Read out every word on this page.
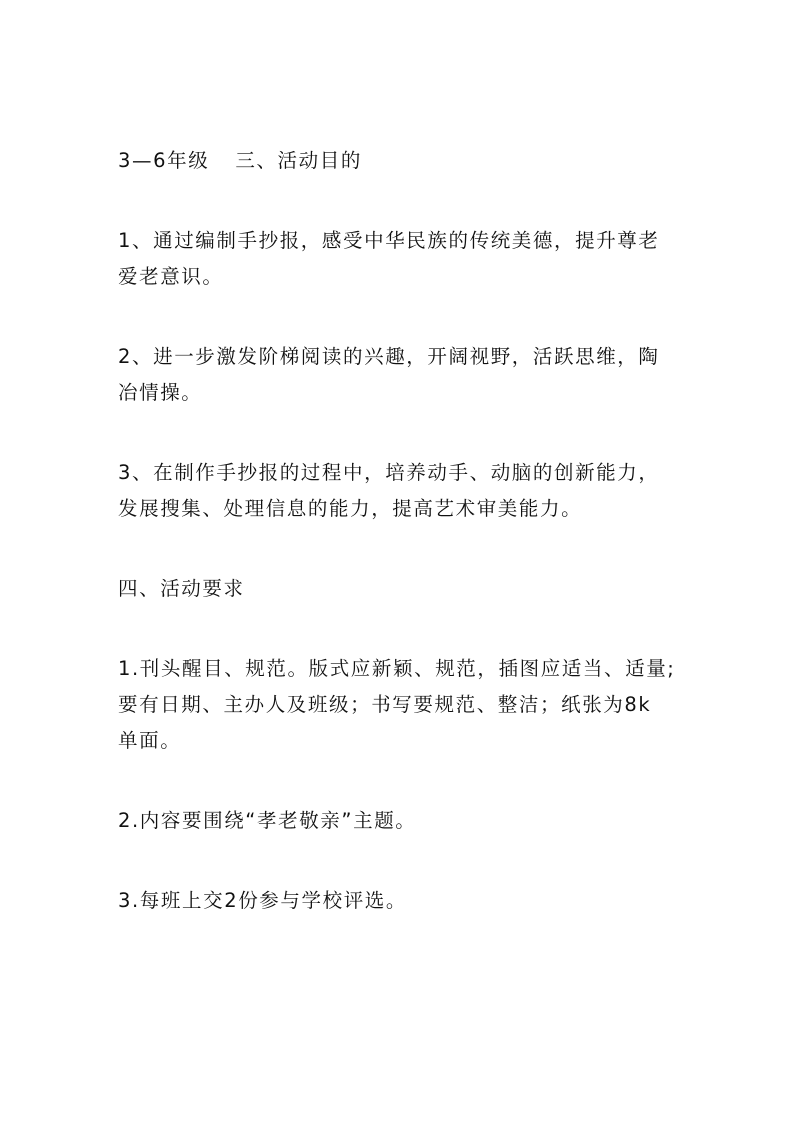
3—6年级 三、活动目的

1、通过编制手抄报，感受中华民族的传统美德，提升尊老
爱老意识。

2、进一步激发阶梯阅读的兴趣，开阔视野，活跃思维，陶
冶情操。

3、在制作手抄报的过程中，培养动手、动脑的创新能力，
发展搜集、处理信息的能力，提高艺术审美能力。

四、活动要求

1.刊头醒目、规范。版式应新颖、规范，插图应适当、适量;
要有日期、主办人及班级；书写要规范、整洁；纸张为8k
单面。

2.内容要围绕“孝老敬亲”主题。

3.每班上交2份参与学校评选。
